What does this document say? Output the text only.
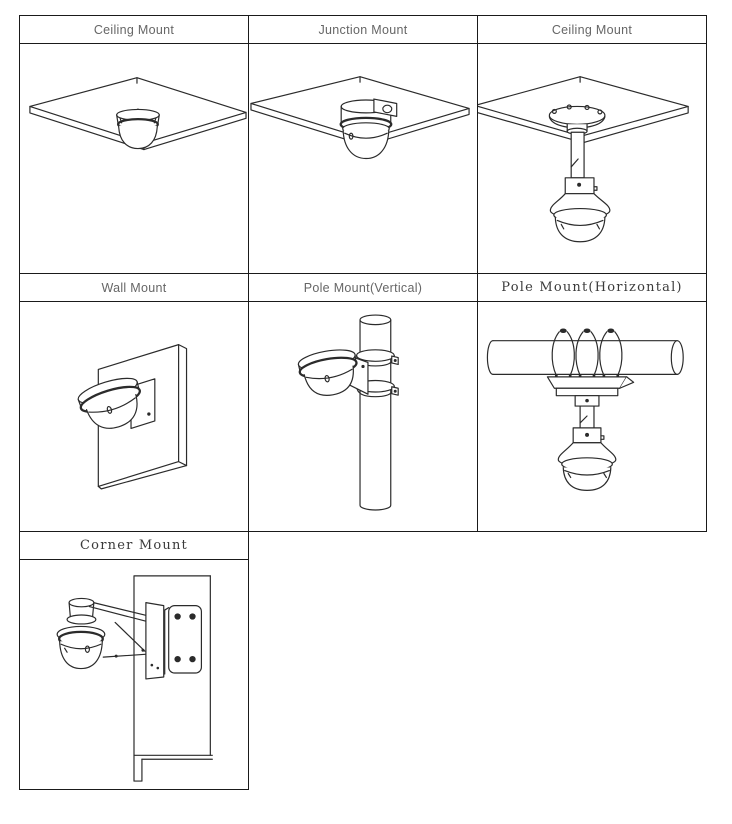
Ceiling Mount	Junction Mount	Ceiling Mount
Wall Mount	Pole Mount(Vertical)	Pole Mount(Horizontal)
Corner Mount
